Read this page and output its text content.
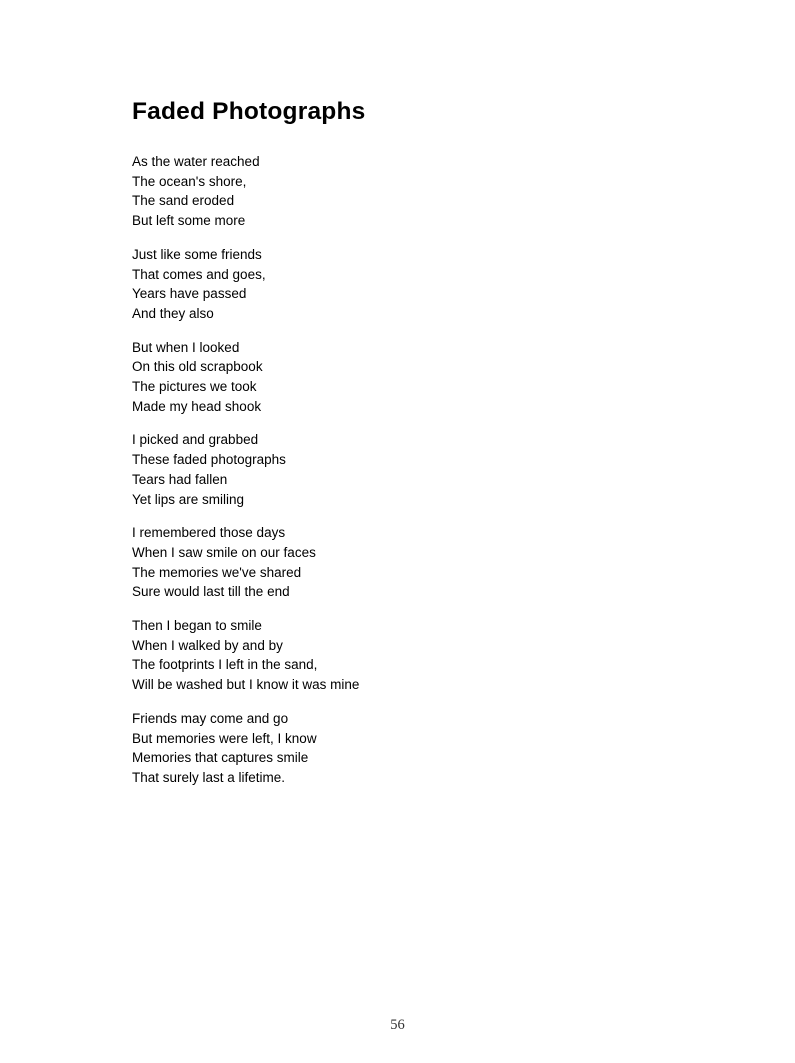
Faded Photographs
As the water reached
The ocean's shore,
The sand eroded
But left some more
Just like some friends
That comes and goes,
Years have passed
And they also
But when I looked
On this old scrapbook
The pictures we took
Made my head shook
I picked and grabbed
These faded photographs
Tears had fallen
Yet lips are smiling
I remembered those days
When I saw smile on our faces
The memories we've shared
Sure would last till the end
Then I began to smile
When I walked by and by
The footprints I left in the sand,
Will be washed but I know it was mine
Friends may come and go
But memories were left, I know
Memories that captures smile
That surely last a lifetime.
56
